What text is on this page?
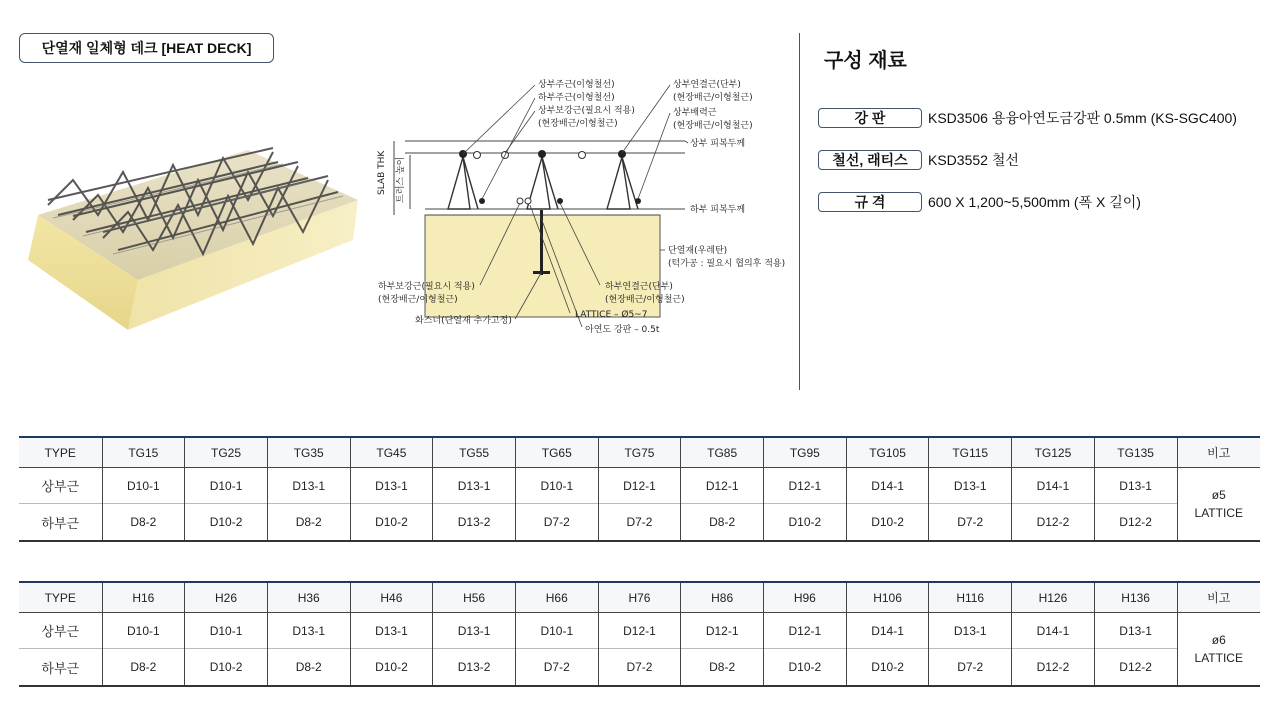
단열재 일체형 데크 [HEAT DECK]
상부주근(이형철선)
하부주근(이형철선)
상부보강근(필요시 적용)
(현장배근/이형철근)
상부연결근(단부)
(현장배근/이형철근)
상부배력근
(현장배근/이형철근)
상부 피복두께
하부 피복두께
SLAB THK 트러스 높이
단열재(우레탄)
(턱가공 : 필요시 협의후 적용)
하부보강근(필요시 적용)
(현장배근/이형철근)
하부연결근(단부)
(현장배근/이형철근)
화스너(단열재 추가고정)
LATTICE – Ø5~7
아연도 강판 – 0.5t
구성 재료
강 판	KSD3506 용융아연도금강판 0.5mm (KS-SGC400)
철선, 래티스	KSD3552 철선
규 격	600 X 1,200~5,500mm (폭 X 길이)
TYPE	TG15	TG25	TG35	TG45	TG55	TG65	TG75	TG85	TG95	TG105	TG115	TG125	TG135	비고
상부근	D10-1	D10-1	D13-1	D13-1	D13-1	D10-1	D12-1	D12-1	D12-1	D14-1	D13-1	D14-1	D13-1	ø5
LATTICE

하부근	D8-2	D10-2	D8-2	D10-2	D13-2	D7-2	D7-2	D8-2	D10-2	D10-2	D7-2	D12-2	D12-2	
TYPE	H16	H26	H36	H46	H56	H66	H76	H86	H96	H106	H116	H126	H136	비고
상부근	D10-1	D10-1	D13-1	D13-1	D13-1	D10-1	D12-1	D12-1	D12-1	D14-1	D13-1	D14-1	D13-1	ø6
LATTICE

하부근	D8-2	D10-2	D8-2	D10-2	D13-2	D7-2	D7-2	D8-2	D10-2	D10-2	D7-2	D12-2	D12-2	
